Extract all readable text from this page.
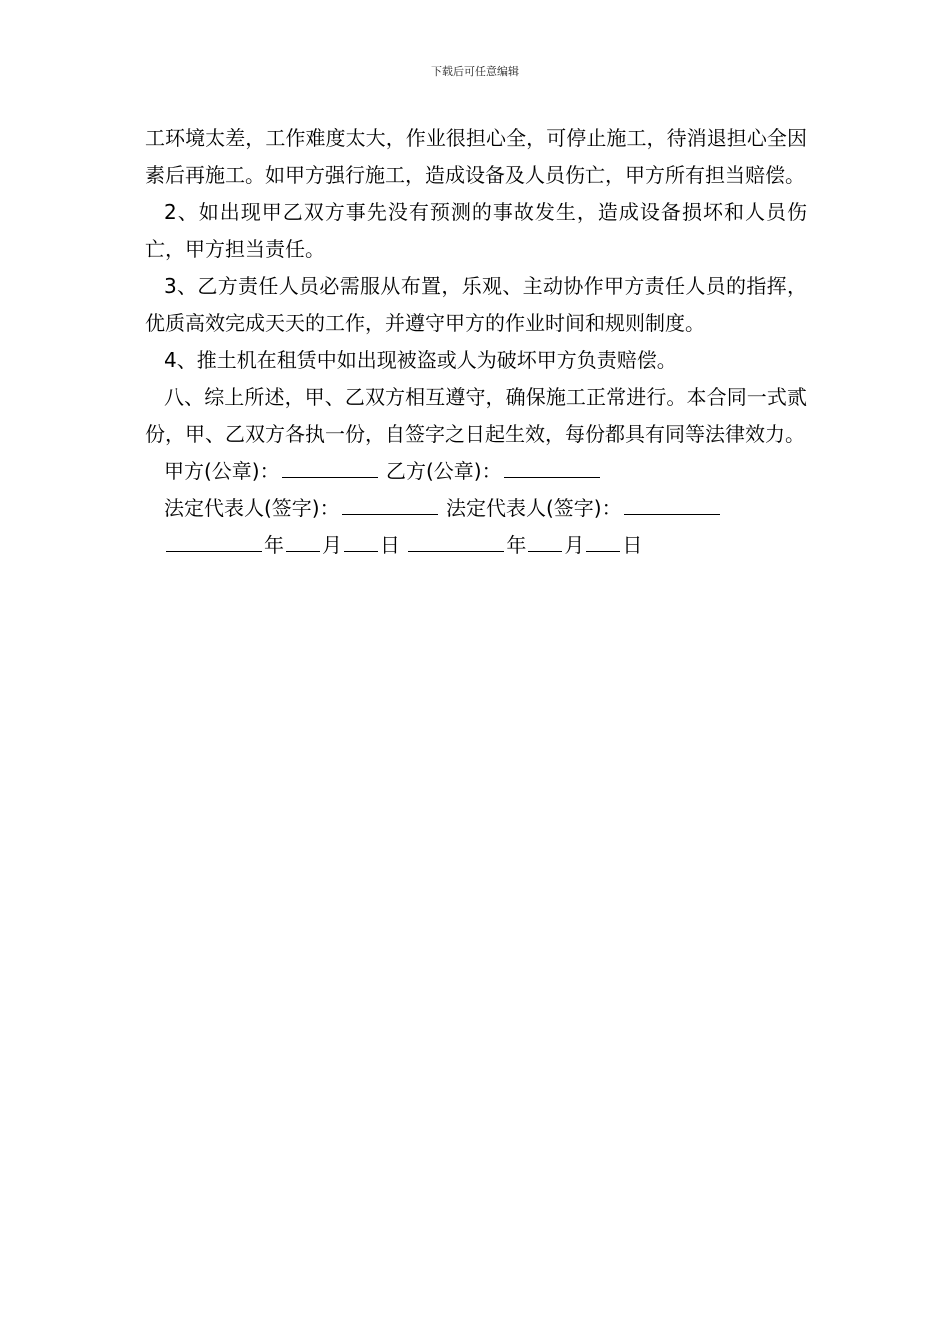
下载后可任意编辑

工环境太差，工作难度太大，作业很担心全，可停止施工，待消退担心全因素后再施工。如甲方强行施工，造成设备及人员伤亡，甲方所有担当赔偿。

2、如出现甲乙双方事先没有预测的事故发生，造成设备损坏和人员伤亡，甲方担当责任。

3、乙方责任人员必需服从布置，乐观、主动协作甲方责任人员的指挥，优质高效完成天天的工作，并遵守甲方的作业时间和规则制度。

4、推土机在租赁中如出现被盗或人为破坏甲方负责赔偿。

八、综上所述，甲、乙双方相互遵守，确保施工正常进行。本合同一式贰份，甲、乙双方各执一份，自签字之日起生效，每份都具有同等法律效力。

甲方(公章)：	乙方(公章)：
法定代表人(签字)：	法定代表人(签字)：
年 月 日	年 月 日
